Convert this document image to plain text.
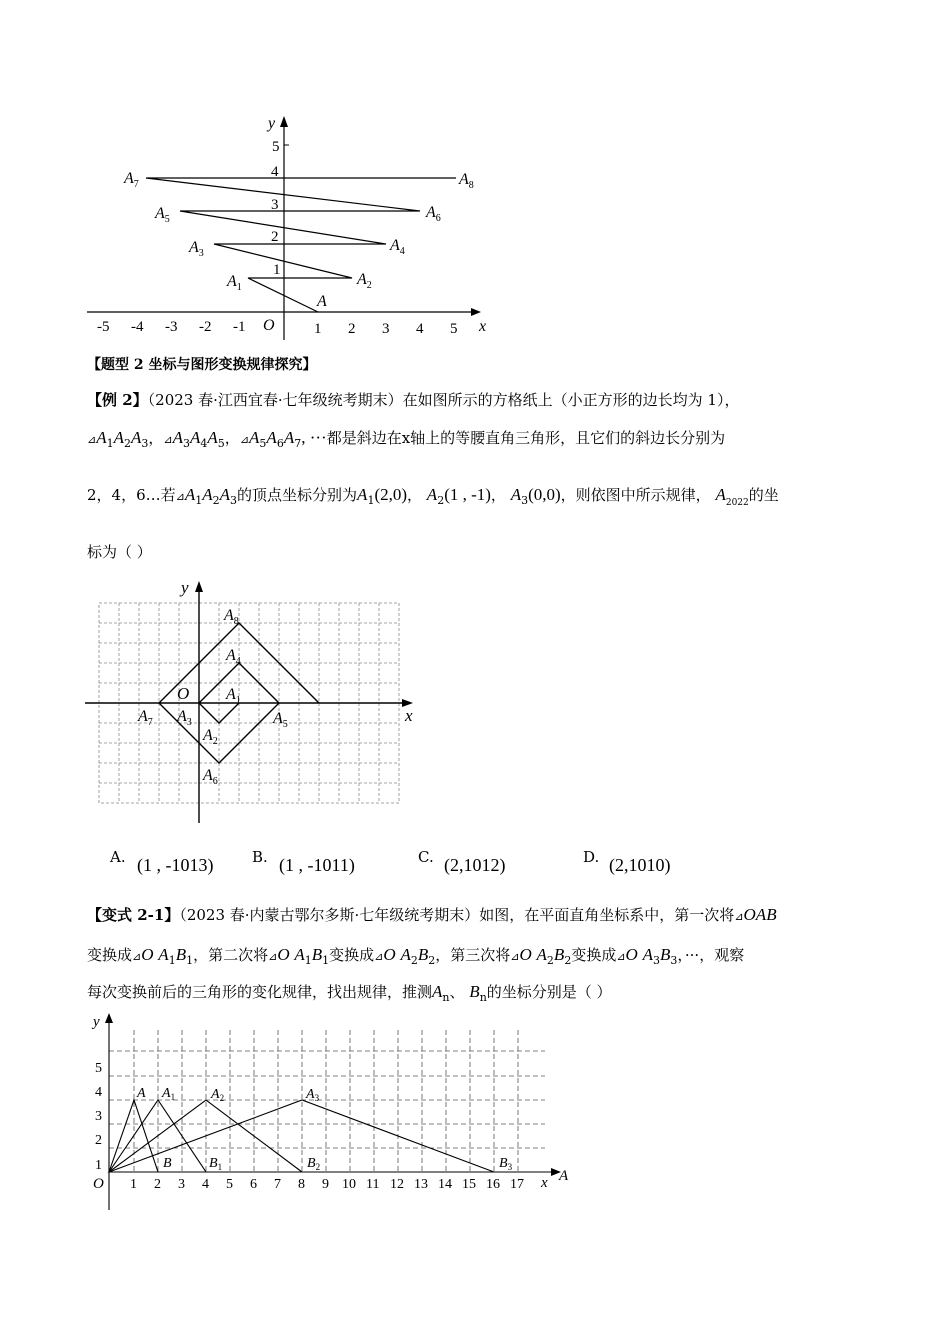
y
x
O
-5 -4 -3 -2 -1	1 2 3 4 5
1
2
3
4
5
A
$A_1$	$A_2$
$A_3$	$A_4$
$A_5$	$A_6$
$A_7$	$A_8$
【题型 2 坐标与图形变换规律探究】
【例 2】（2023 春·江西宜春·七年级统考期末）在如图所示的方格纸上（小正方形的边长均为 1），
$⊿A_1A_2A_3$，$⊿A_3A_4A_5$，$⊿A_5A_6A_7$, ···都是斜边在x轴上的等腰直角三角形，且它们的斜边长分别为
2，4，6…若$⊿A_1A_2A_3$的顶点坐标分别为$A_1(2,0)$， $A_2(1$ , -1)， $A_3(0,0)$，则依图中所示规律， $A_{2022}$的坐
标为（ ）
y
x
O
$A_8$
$A_4$
$A_1$
$A_7$ $A_3$	$A_5$
$A_2$
$A_6$
A. (1 , -1013)	B. (1 , -1011)	C. (2,1012)	D. (2,1010)
【变式 2-1】（2023 春·内蒙古鄂尔多斯·七年级统考期末）如图，在平面直角坐标系中，第一次将⊿OAB
变换成⊿O $A_1B_1$，第二次将⊿O $A_1B_1$变换成⊿O $A_2B_2$，第三次将⊿O $A_2B_2$变换成⊿O $A_3B_3$，···，观察
每次变换前后的三角形的变化规律，找出规律，推测$A_n$、 $B_n$的坐标分别是（ ）
y
x A
O
1
2
3
4
5
1 2 3 4 5 6 7 8 9 10 11 12 13 14 15 16 17
A $A_1$	$A_2$	$A_3$
B	$B_1$	$B_2$	$B_3$
